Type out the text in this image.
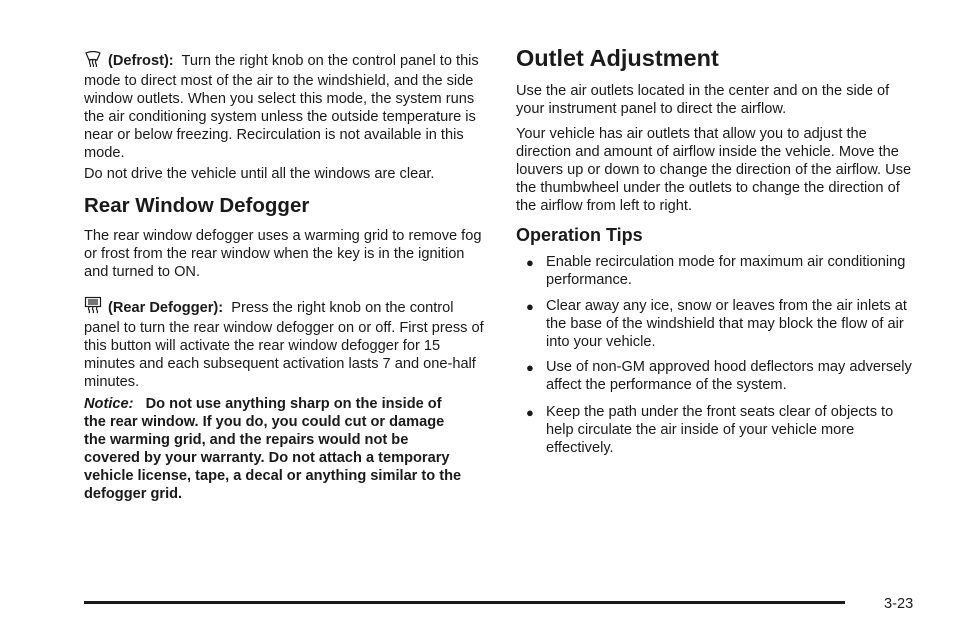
(Defrost): Turn the right knob on the control panel to this mode to direct most of the air to the windshield, and the side window outlets. When you select this mode, the system runs the air conditioning system unless the outside temperature is near or below freezing. Recirculation is not available in this mode.

Do not drive the vehicle until all the windows are clear.

Rear Window Defogger

The rear window defogger uses a warming grid to remove fog or frost from the rear window when the key is in the ignition and turned to ON.

(Rear Defogger): Press the right knob on the control panel to turn the rear window defogger on or off. First press of this button will activate the rear window defogger for 15 minutes and each subsequent activation lasts 7 and one-half minutes.

Notice: Do not use anything sharp on the inside of the rear window. If you do, you could cut or damage the warming grid, and the repairs would not be covered by your warranty. Do not attach a temporary vehicle license, tape, a decal or anything similar to the defogger grid.

Outlet Adjustment

Use the air outlets located in the center and on the side of your instrument panel to direct the airflow.

Your vehicle has air outlets that allow you to adjust the direction and amount of airflow inside the vehicle. Move the louvers up or down to change the direction of the airflow. Use the thumbwheel under the outlets to change the direction of the airflow from left to right.

Operation Tips
● Enable recirculation mode for maximum air conditioning performance.

● Clear away any ice, snow or leaves from the air inlets at the base of the windshield that may block the flow of air into your vehicle.

● Use of non-GM approved hood deflectors may adversely affect the performance of the system.

● Keep the path under the front seats clear of objects to help circulate the air inside of your vehicle more effectively.

3-23
